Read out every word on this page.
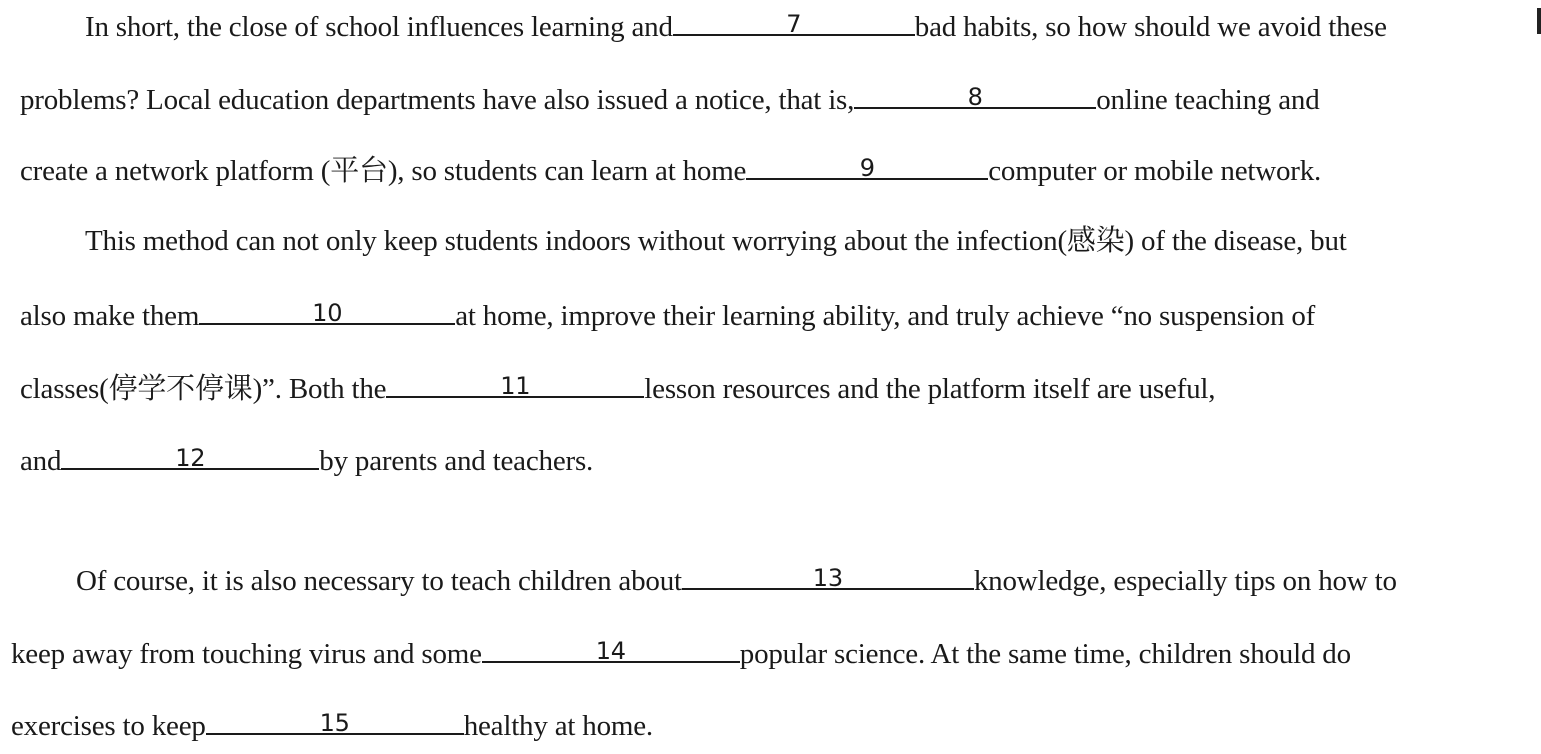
In short, the close of school influences learning and	7	bad habits, so how should we avoid these
problems? Local education departments have also issued a notice, that is,	8	online teaching and
create a network platform (平台), so students can learn at home	9	computer or mobile network.
This method can not only keep students indoors without worrying about the infection(感染) of the disease, but
also make them	10	at home, improve their learning ability, and truly achieve “no suspension of
classes(停学不停课)”. Both the	11	lesson resources and the platform itself are useful,
and	12	by parents and teachers.
Of course, it is also necessary to teach children about	13	knowledge, especially tips on how to
keep away from touching virus and some	14	popular science. At the same time, children should do
exercises to keep	15	healthy at home.
